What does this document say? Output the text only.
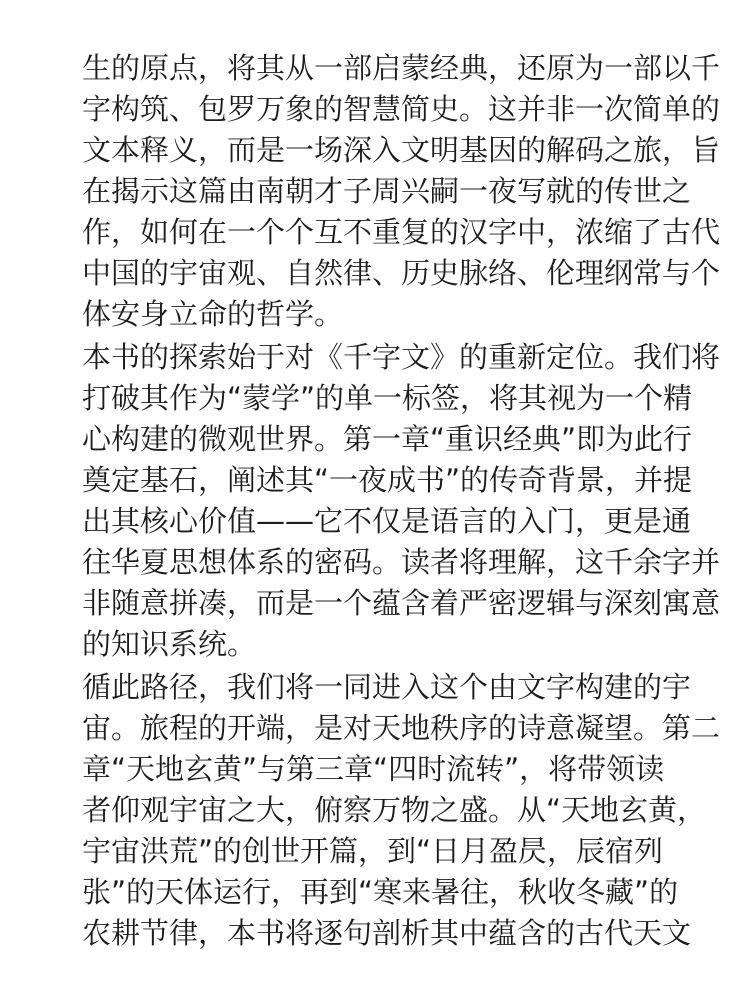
生的原点，将其从一部启蒙经典，还原为一部以千
字构筑、包罗万象的智慧简史。这并非一次简单的
文本释义，而是一场深入文明基因的解码之旅，旨
在揭示这篇由南朝才子周兴嗣一夜写就的传世之
作，如何在一个个互不重复的汉字中，浓缩了古代
中国的宇宙观、自然律、历史脉络、伦理纲常与个
体安身立命的哲学。
本书的探索始于对《千字文》的重新定位。我们将
打破其作为“蒙学”的单一标签，将其视为一个精
心构建的微观世界。第一章“重识经典”即为此行
奠定基石，阐述其“一夜成书”的传奇背景，并提
出其核心价值——它不仅是语言的入门，更是通
往华夏思想体系的密码。读者将理解，这千余字并
非随意拼凑，而是一个蕴含着严密逻辑与深刻寓意
的知识系统。
循此路径，我们将一同进入这个由文字构建的宇
宙。旅程的开端，是对天地秩序的诗意凝望。第二
章“天地玄黄”与第三章“四时流转”，将带领读
者仰观宇宙之大，俯察万物之盛。从“天地玄黄，
宇宙洪荒”的创世开篇，到“日月盈昃，辰宿列
张”的天体运行，再到“寒来暑往，秋收冬藏”的
农耕节律，本书将逐句剖析其中蕴含的古代天文
